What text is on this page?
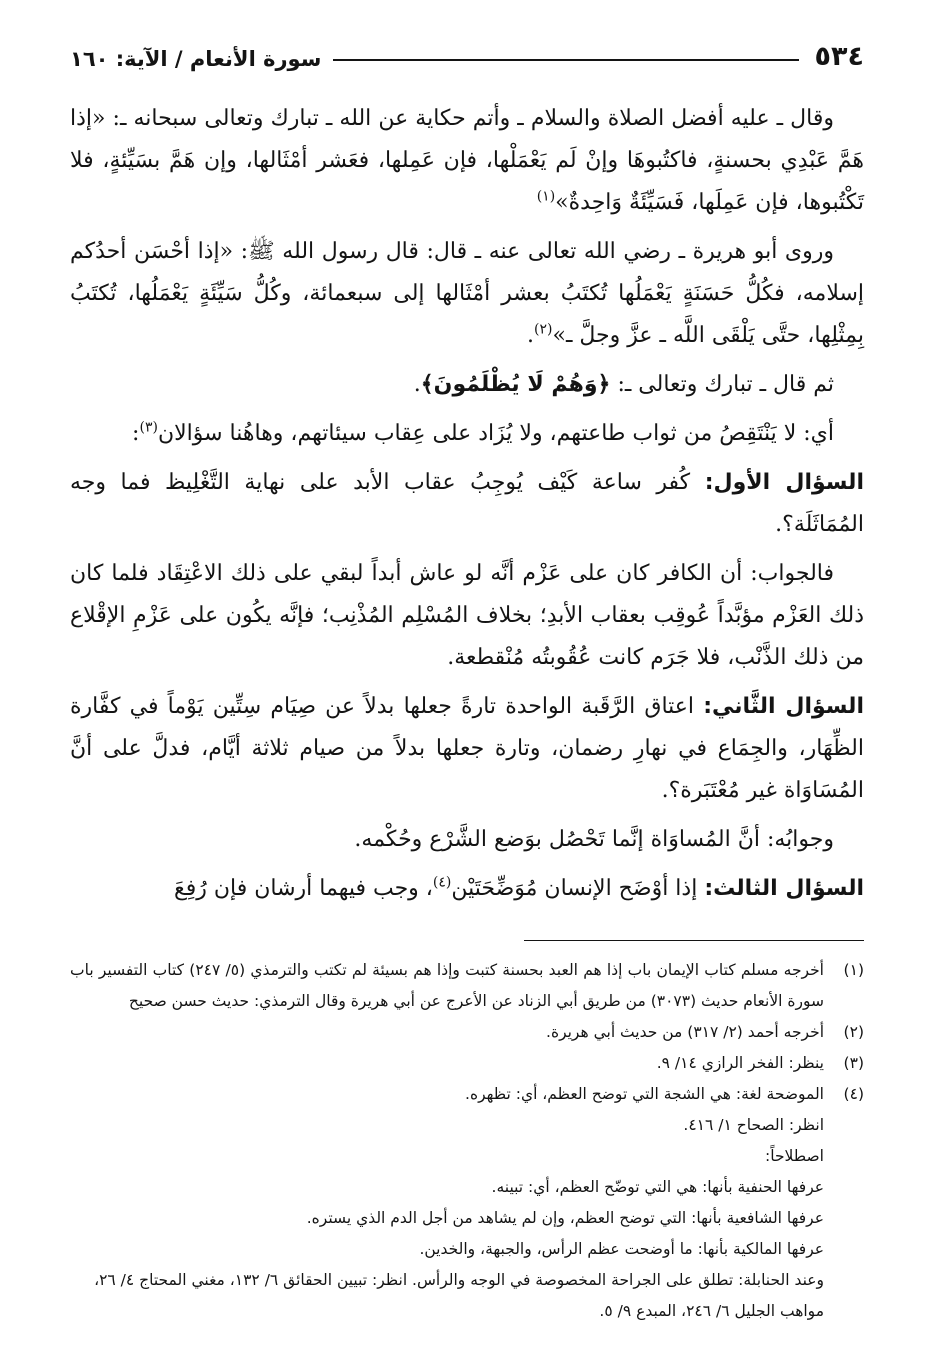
٥٣٤
سورة الأنعام / الآية: ١٦٠

وقال ـ عليه أفضل الصلاة والسلام ـ وأتم حكاية عن الله ـ تبارك وتعالى سبحانه ـ: «إذا هَمَّ عَبْدِي بحسنةٍ، فاكتُبوهَا وإنْ لَم يَعْمَلْها، فإن عَمِلها، فعَشر أمْثَالها، وإن هَمَّ بسَيِّئةٍ، فلا تَكْتُبوها، فإن عَمِلَها، فَسَيِّئَةٌ وَاحِدةٌ»$^{(١)}$

وروى أبو هريرة ـ رضي الله تعالى عنه ـ قال: قال رسول الله ﷺ: «إذا أحْسَن أحدُكم إسلامه، فكُلُّ حَسَنَةٍ يَعْمَلُها تُكتَبُ بعشر أمْثَالها إلى سبعمائة، وكُلُّ سَيِّئَةٍ يَعْمَلُها، تُكتَبُ بِمِثْلِها، حتَّى يَلْقَى اللَّه ـ عزَّ وجلَّ ـ»$^{(٢)}$.

ثم قال ـ تبارك وتعالى ـ: ﴿وَهُمْ لَا يُظْلَمُونَ﴾.

أي: لا يَنْتَقِصُ من ثواب طاعتهم، ولا يُزَاد على عِقاب سيئاتهم، وهاهُنا سؤالان$^{(٣)}$:

السؤال الأول: كُفر ساعة كَيْف يُوجِبُ عقاب الأبد على نهاية التَّغْلِيظ فما وجه المُمَاثَلَة؟.

فالجواب: أن الكافر كان على عَزْم أنَّه لو عاش أبداً لبقي على ذلك الاعْتِقَاد فلما كان ذلك العَزْم مؤبَّداً عُوقِب بعقاب الأبدِ؛ بخلاف المُسْلِم المُذْنِب؛ فإنَّه يكُون على عَزْمِ الإقْلاع من ذلك الذَّنْب، فلا جَرَم كانت عُقُوبتُه مُنْقطعة.

السؤال الثَّاني: اعتاق الرَّقَبة الواحدة تارةً جعلها بدلاً عن صِيَام سِتِّين يَوْماً في كفَّارة الظِّهَار، والجِمَاع في نهارِ رضمان، وتارة جعلها بدلاً من صيام ثلاثة أيَّام، فدلَّ على أنَّ المُسَاوَاة غير مُعْتَبَرة؟.

وجوابُه: أنَّ المُساوَاة إنَّما تَحْصُل بوَضع الشَّرْع وحُكْمه.

السؤال الثالث: إذا أوْضَح الإنسان مُوَضِّحَتَيْن$^{(٤)}$، وجب فيهما أرشان فإن رُفِعَ

(١)
أخرجه مسلم كتاب الإيمان باب إذا هم العبد بحسنة كتبت وإذا هم بسيئة لم تكتب والترمذي (٥/ ٢٤٧) كتاب التفسير باب سورة الأنعام حديث (٣٠٧٣) من طريق أبي الزناد عن الأعرج عن أبي هريرة وقال الترمذي: حديث حسن صحيح
(٢)
أخرجه أحمد (٢/ ٣١٧) من حديث أبي هريرة.
(٣)
ينظر: الفخر الرازي ١٤/ ٩.
(٤)
الموضحة لغة: هي الشجة التي توضح العظم، أي: تظهره.
انظر: الصحاح ١/ ٤١٦.
اصطلاحاً:
عرفها الحنفية بأنها: هي التي توضّح العظم، أي: تبينه.
عرفها الشافعية بأنها: التي توضح العظم، وإن لم يشاهد من أجل الدم الذي يستره.
عرفها المالكية بأنها: ما أوضحت عظم الرأس، والجبهة، والخدين.
وعند الحنابلة: تطلق على الجراحة المخصوصة في الوجه والرأس. انظر: تبيين الحقائق ٦/ ١٣٢، مغني المحتاج ٤/ ٢٦، مواهب الجليل ٦/ ٢٤٦، المبدع ٩/ ٥.
